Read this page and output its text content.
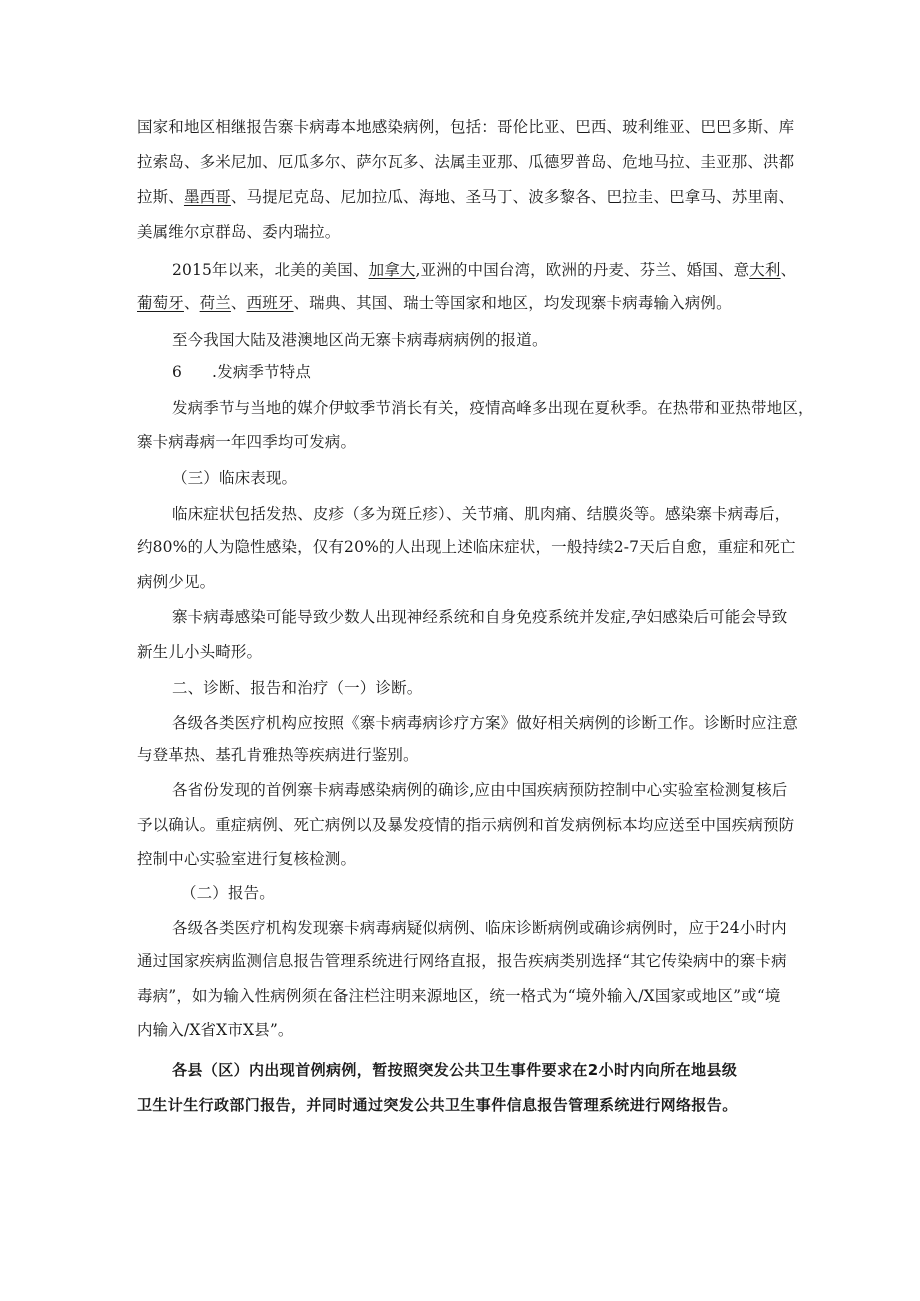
国家和地区相继报告寨卡病毒本地感染病例，包括：哥伦比亚、巴西、玻利维亚、巴巴多斯、库
拉索岛、多米尼加、厄瓜多尔、萨尔瓦多、法属圭亚那、瓜德罗普岛、危地马拉、圭亚那、洪都
拉斯、墨西哥、马提尼克岛、尼加拉瓜、海地、圣马丁、波多黎各、巴拉圭、巴拿马、苏里南、
美属维尔京群岛、委内瑞拉。
2015年以来，北美的美国、加拿大,亚洲的中国台湾，欧洲的丹麦、芬兰、婚国、意大利、
葡萄牙、荷兰、西班牙、瑞典、其国、瑞士等国家和地区，均发现寨卡病毒输入病例。
至今我国大陆及港澳地区尚无寨卡病毒病病例的报道。
6 .发病季节特点
发病季节与当地的媒介伊蚊季节消长有关，疫情高峰多出现在夏秋季。在热带和亚热带地区，
寨卡病毒病一年四季均可发病。
（三）临床表现。
临床症状包括发热、皮疹（多为斑丘疹）、关节痛、肌肉痛、结膜炎等。感染寨卡病毒后，
约80%的人为隐性感染，仅有20%的人出现上述临床症状，一般持续2-7天后自愈，重症和死亡
病例少见。
寨卡病毒感染可能导致少数人出现神经系统和自身免疫系统并发症,孕妇感染后可能会导致
新生儿小头畸形。
二、诊断、报告和治疗（一）诊断。
各级各类医疗机构应按照《寨卡病毒病诊疗方案》做好相关病例的诊断工作。诊断时应注意
与登革热、基孔肯雅热等疾病进行鉴别。
各省份发现的首例寨卡病毒感染病例的确诊,应由中国疾病预防控制中心实验室检测复核后
予以确认。重症病例、死亡病例以及暴发疫情的指示病例和首发病例标本均应送至中国疾病预防
控制中心实验室进行复核检测。
（二）报告。
各级各类医疗机构发现寨卡病毒病疑似病例、临床诊断病例或确诊病例时，应于24小时内
通过国家疾病监测信息报告管理系统进行网络直报，报告疾病类别选择“其它传染病中的寨卡病
毒病”，如为输入性病例须在备注栏注明来源地区，统一格式为“境外输入/X国家或地区”或“境
内输入/X省X市X县”。
各县（区）内出现首例病例，暂按照突发公共卫生事件要求在2小时内向所在地县级
卫生计生行政部门报告，并同时通过突发公共卫生事件信息报告管理系统进行网络报告。
